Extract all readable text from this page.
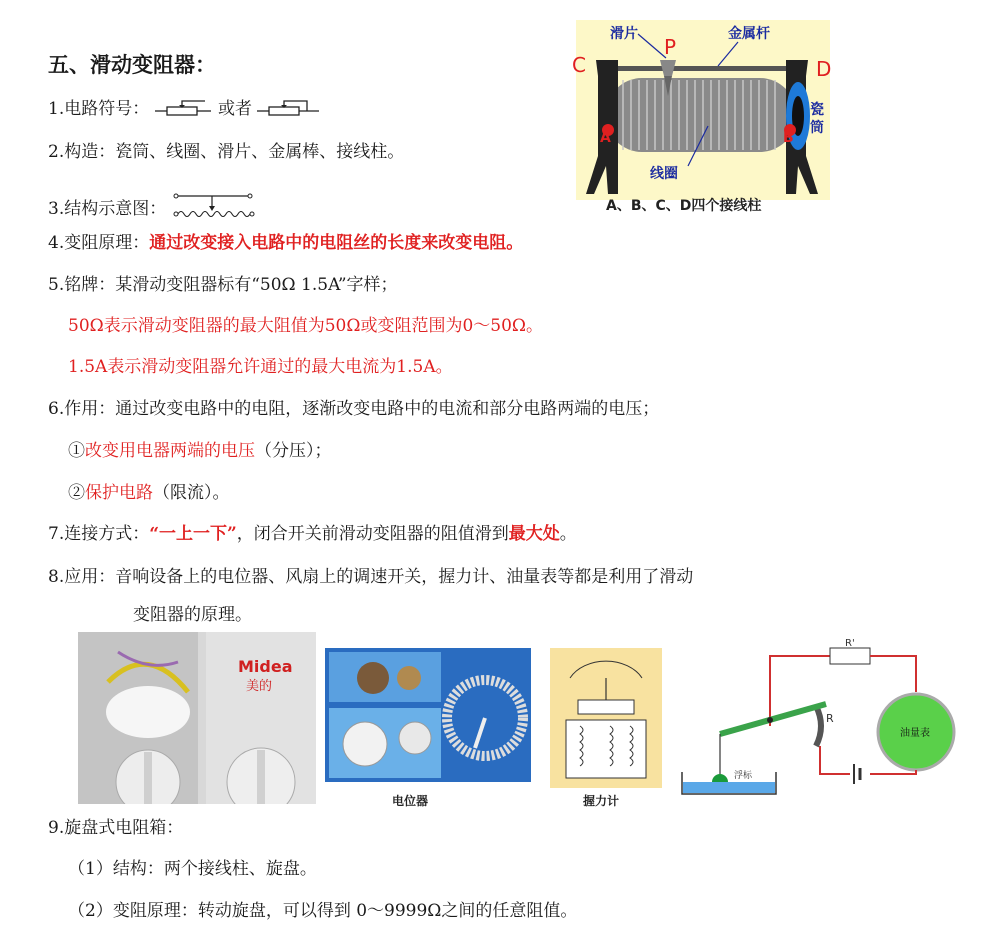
五、滑动变阻器：
1.电路符号：	或者
2.构造：瓷筒、线圈、滑片、金属棒、接线柱。
3.结构示意图：
4.变阻原理：通过改变接入电路中的电阻丝的长度来改变电阻。
5.铭牌：某滑动变阻器标有“50Ω 1.5A”字样；
50Ω表示滑动变阻器的最大阻值为50Ω或变阻范围为0～50Ω。
1.5A表示滑动变阻器允许通过的最大电流为1.5A。
6.作用：通过改变电路中的电阻，逐渐改变电路中的电流和部分电路两端的电压；
①改变用电器两端的电压（分压）；
②保护电路（限流）。
7.连接方式：“一上一下”，闭合开关前滑动变阻器的阻值滑到最大处。
8.应用：音响设备上的电位器、风扇上的调速开关，握力计、油量表等都是利用了滑动
变阻器的原理。
9.旋盘式电阻箱：
（1）结构：两个接线柱、旋盘。
（2）变阻原理：转动旋盘，可以得到 0～9999Ω之间的任意阻值。
C	D
A	B
P
滑片	金属杆
瓷
筒
线圈
A、B、C、D四个接线柱
Midea
美的
电位器	握力计
油量表
R'
R
浮标
